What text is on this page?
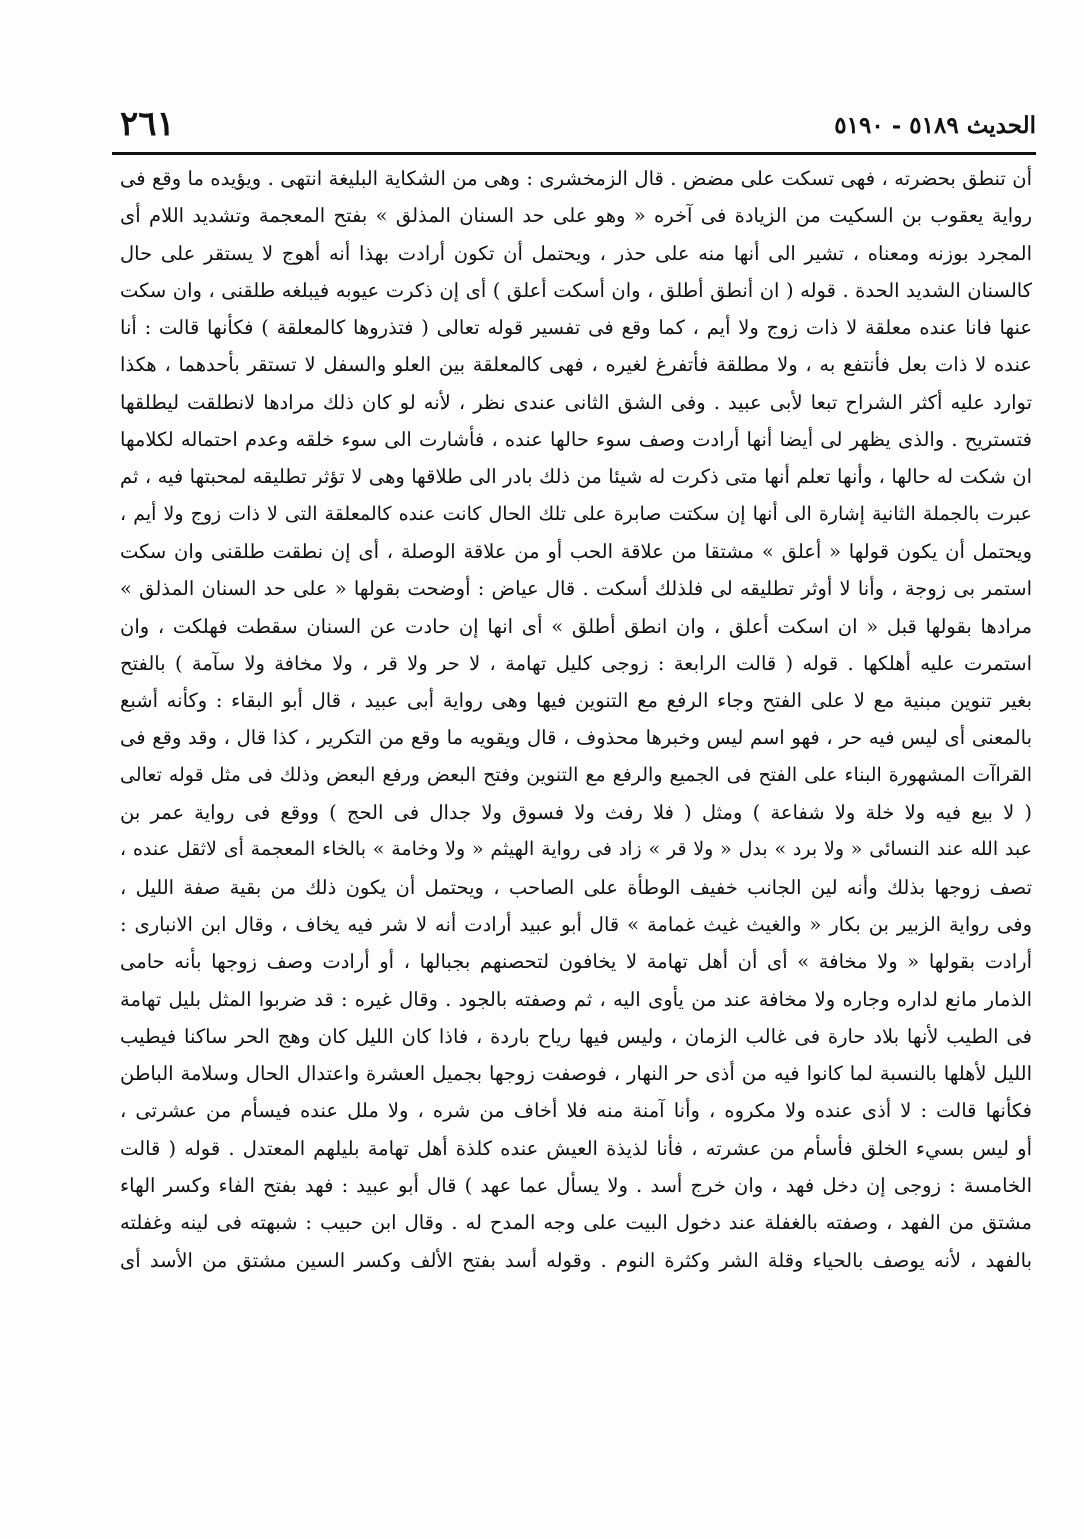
الحديث ٥١٨٩ - ٥١٩٠
٢٦١
أن تنطق بحضرته ، فهى تسكت على مضض . قال الزمخشرى : وهى من الشكاية البليغة انتهى . ويؤيده ما وقع فى
رواية يعقوب بن السكيت من الزيادة فى آخره « وهو على حد السنان المذلق » بفتح المعجمة وتشديد اللام أى
المجرد بوزنه ومعناه ، تشير الى أنها منه على حذر ، ويحتمل أن تكون أرادت بهذا أنه أهوج لا يستقر على حال
كالسنان الشديد الحدة . قوله ( ان أنطق أطلق ، وان أسكت أعلق ) أى إن ذكرت عيوبه فيبلغه طلقنى ، وان سكت
عنها فانا عنده معلقة لا ذات زوج ولا أيم ، كما وقع فى تفسير قوله تعالى ( فتذروها كالمعلقة ) فكأنها قالت : أنا
عنده لا ذات بعل فأنتفع به ، ولا مطلقة فأتفرغ لغيره ، فهى كالمعلقة بين العلو والسفل لا تستقر بأحدهما ، هكذا
توارد عليه أكثر الشراح تبعا لأبى عبيد . وفى الشق الثانى عندى نظر ، لأنه لو كان ذلك مرادها لانطلقت ليطلقها
فتستريح . والذى يظهر لى أيضا أنها أرادت وصف سوء حالها عنده ، فأشارت الى سوء خلقه وعدم احتماله لكلامها
ان شكت له حالها ، وأنها تعلم أنها متى ذكرت له شيئا من ذلك بادر الى طلاقها وهى لا تؤثر تطليقه لمحبتها فيه ، ثم
عبرت بالجملة الثانية إشارة الى أنها إن سكتت صابرة على تلك الحال كانت عنده كالمعلقة التى لا ذات زوج ولا أيم ،
ويحتمل أن يكون قولها « أعلق » مشتقا من علاقة الحب أو من علاقة الوصلة ، أى إن نطقت طلقنى وان سكت
استمر بى زوجة ، وأنا لا أوثر تطليقه لى فلذلك أسكت . قال عياض : أوضحت بقولها « على حد السنان المذلق »
مرادها بقولها قبل « ان اسكت أعلق ، وان انطق أطلق » أى انها إن حادت عن السنان سقطت فهلكت ، وان
استمرت عليه أهلكها . قوله ( قالت الرابعة : زوجى كليل تهامة ، لا حر ولا قر ، ولا مخافة ولا سآمة ) بالفتح
بغير تنوين مبنية مع لا على الفتح وجاء الرفع مع التنوين فيها وهى رواية أبى عبيد ، قال أبو البقاء : وكأنه أشبع
بالمعنى أى ليس فيه حر ، فهو اسم ليس وخبرها محذوف ، قال ويقويه ما وقع من التكرير ، كذا قال ، وقد وقع فى
القراآت المشهورة البناء على الفتح فى الجميع والرفع مع التنوين وفتح البعض ورفع البعض وذلك فى مثل قوله تعالى
( لا بيع فيه ولا خلة ولا شفاعة ) ومثل ( فلا رفث ولا فسوق ولا جدال فى الحج ) ووقع فى رواية عمر بن
عبد الله عند النسائى « ولا برد » بدل « ولا قر » زاد فى رواية الهيثم « ولا وخامة » بالخاء المعجمة أى لاثقل عنده ،
تصف زوجها بذلك وأنه لين الجانب خفيف الوطأة على الصاحب ، ويحتمل أن يكون ذلك من بقية صفة الليل ،
وفى رواية الزبير بن بكار « والغيث غيث غمامة » قال أبو عبيد أرادت أنه لا شر فيه يخاف ، وقال ابن الانبارى :
أرادت بقولها « ولا مخافة » أى أن أهل تهامة لا يخافون لتحصنهم بجبالها ، أو أرادت وصف زوجها بأنه حامى
الذمار مانع لداره وجاره ولا مخافة عند من يأوى اليه ، ثم وصفته بالجود . وقال غيره : قد ضربوا المثل بليل تهامة
فى الطيب لأنها بلاد حارة فى غالب الزمان ، وليس فيها رياح باردة ، فاذا كان الليل كان وهج الحر ساكنا فيطيب
الليل لأهلها بالنسبة لما كانوا فيه من أذى حر النهار ، فوصفت زوجها بجميل العشرة واعتدال الحال وسلامة الباطن
فكأنها قالت : لا أذى عنده ولا مكروه ، وأنا آمنة منه فلا أخاف من شره ، ولا ملل عنده فيسأم من عشرتى ،
أو ليس بسيء الخلق فأسأم من عشرته ، فأنا لذيذة العيش عنده كلذة أهل تهامة بليلهم المعتدل . قوله ( قالت
الخامسة : زوجى إن دخل فهد ، وان خرج أسد . ولا يسأل عما عهد ) قال أبو عبيد : فهد بفتح الفاء وكسر الهاء
مشتق من الفهد ، وصفته بالغفلة عند دخول البيت على وجه المدح له . وقال ابن حبيب : شبهته فى لينه وغفلته
بالفهد ، لأنه يوصف بالحياء وقلة الشر وكثرة النوم . وقوله أسد بفتح الألف وكسر السين مشتق من الأسد أى
